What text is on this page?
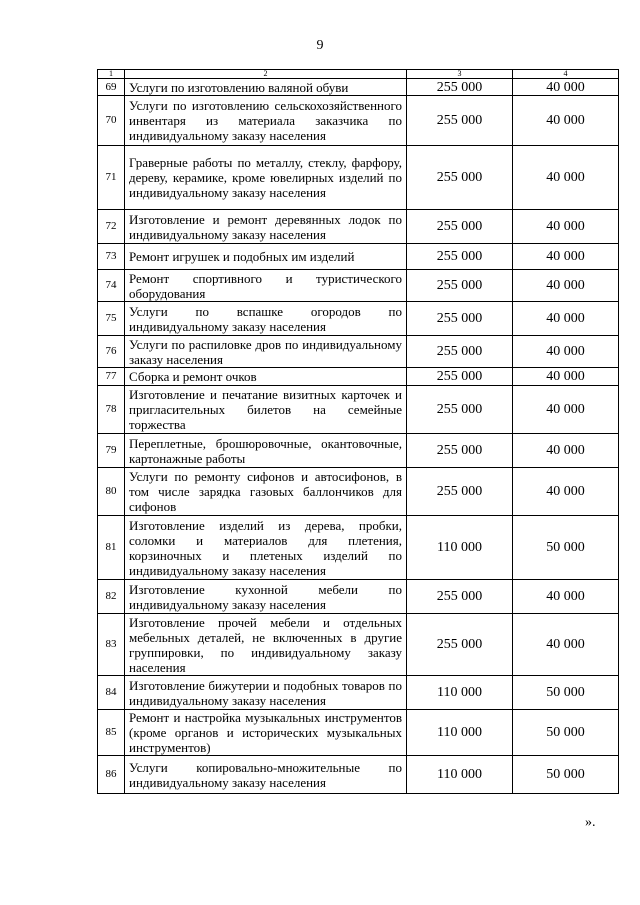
9
1	2	3	4
69	Услуги по изготовлению валяной обуви	255 000	40 000
70	Услуги по изготовлению сельскохозяйственного инвентаря из материала заказчика по индивидуальному заказу населения	255 000	40 000
71	Граверные работы по металлу, стеклу, фарфору, дереву, керамике, кроме ювелирных изделий по индивидуальному заказу населения	255 000	40 000
72	Изготовление и ремонт деревянных лодок по индивидуальному заказу населения	255 000	40 000
73	Ремонт игрушек и подобных им изделий	255 000	40 000
74	Ремонт спортивного и туристического оборудования	255 000	40 000
75	Услуги по вспашке огородов по индивидуальному заказу населения	255 000	40 000
76	Услуги по распиловке дров по индивидуальному заказу населения	255 000	40 000
77	Сборка и ремонт очков	255 000	40 000
78	Изготовление и печатание визитных карточек и пригласительных билетов на семейные торжества	255 000	40 000
79	Переплетные, брошюровочные, окантовочные, картонажные работы	255 000	40 000
80	Услуги по ремонту сифонов и автосифонов, в том числе зарядка газовых баллончиков для сифонов	255 000	40 000
81	Изготовление изделий из дерева, пробки, соломки и материалов для плетения, корзиночных и плетеных изделий по индивидуальному заказу населения	110 000	50 000
82	Изготовление кухонной мебели по индивидуальному заказу населения	255 000	40 000
83	Изготовление прочей мебели и отдельных мебельных деталей, не включенных в другие группировки, по индивидуальному заказу населения	255 000	40 000
84	Изготовление бижутерии и подобных товаров по индивидуальному заказу населения	110 000	50 000
85	Ремонт и настройка музыкальных инструментов (кроме органов и исторических музыкальных инструментов)	110 000	50 000
86	Услуги копировально-множительные по индивидуальному заказу населения	110 000	50 000
».
